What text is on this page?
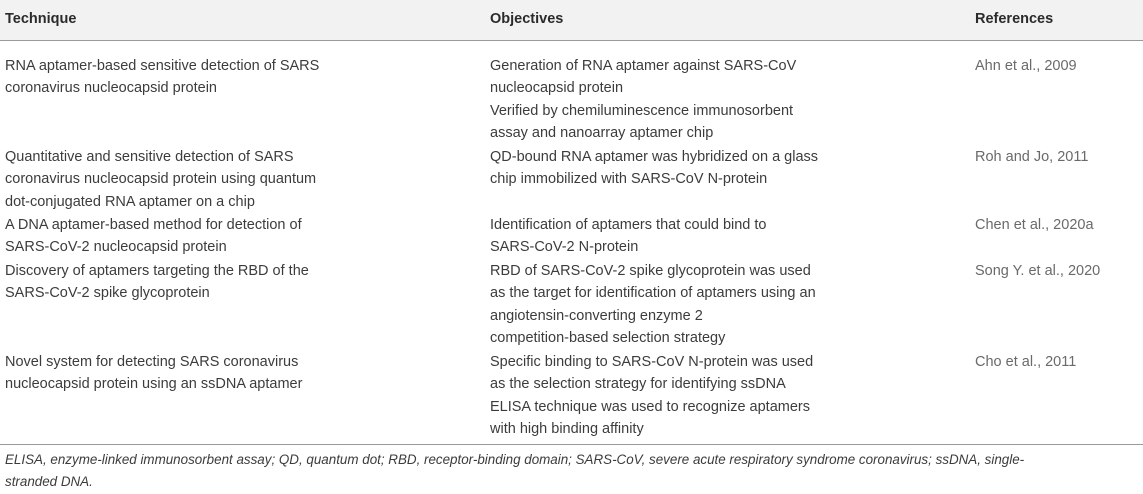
Technique	Objectives	References
RNA aptamer-based sensitive detection of SARS
coronavirus nucleocapsid protein
Generation of RNA aptamer against SARS-CoV
nucleocapsid protein
Verified by chemiluminescence immunosorbent
assay and nanoarray aptamer chip
Ahn et al., 2009
Quantitative and sensitive detection of SARS
coronavirus nucleocapsid protein using quantum
dot-conjugated RNA aptamer on a chip
QD-bound RNA aptamer was hybridized on a glass
chip immobilized with SARS-CoV N-protein
Roh and Jo, 2011
A DNA aptamer-based method for detection of
SARS-CoV-2 nucleocapsid protein
Identification of aptamers that could bind to
SARS-CoV-2 N-protein
Chen et al., 2020a
Discovery of aptamers targeting the RBD of the
SARS-CoV-2 spike glycoprotein
RBD of SARS-CoV-2 spike glycoprotein was used
as the target for identification of aptamers using an
angiotensin-converting enzyme 2
competition-based selection strategy
Song Y. et al., 2020
Novel system for detecting SARS coronavirus
nucleocapsid protein using an ssDNA aptamer
Specific binding to SARS-CoV N-protein was used
as the selection strategy for identifying ssDNA
ELISA technique was used to recognize aptamers
with high binding affinity
Cho et al., 2011
ELISA, enzyme-linked immunosorbent assay; QD, quantum dot; RBD, receptor-binding domain; SARS-CoV, severe acute respiratory syndrome coronavirus; ssDNA, single-
stranded DNA.
